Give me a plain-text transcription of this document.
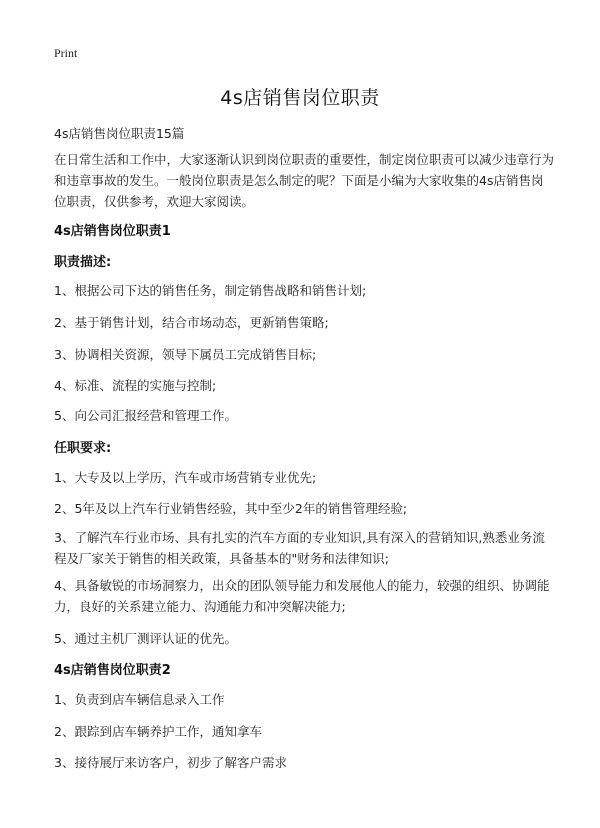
Print
4s店销售岗位职责
4s店销售岗位职责15篇
在日常生活和工作中，大家逐渐认识到岗位职责的重要性，制定岗位职责可以减少违章行为和违章事故的发生。一般岗位职责是怎么制定的呢？下面是小编为大家收集的4s店销售岗位职责，仅供参考，欢迎大家阅读。
4s店销售岗位职责1
职责描述:
1、根据公司下达的销售任务，制定销售战略和销售计划;
2、基于销售计划，结合市场动态，更新销售策略;
3、协调相关资源，领导下属员工完成销售目标;
4、标准、流程的实施与控制;
5、向公司汇报经营和管理工作。
任职要求:
1、大专及以上学历，汽车或市场营销专业优先;
2、5年及以上汽车行业销售经验，其中至少2年的销售管理经验;
3、了解汽车行业市场、具有扎实的汽车方面的专业知识,具有深入的营销知识,熟悉业务流程及厂家关于销售的相关政策，具备基本的"财务和法律知识;
4、具备敏锐的市场洞察力，出众的团队领导能力和发展他人的能力，较强的组织、协调能力，良好的关系建立能力、沟通能力和冲突解决能力;
5、通过主机厂测评认证的优先。
4s店销售岗位职责2
1、负责到店车辆信息录入工作
2、跟踪到店车辆养护工作，通知拿车
3、接待展厅来访客户，初步了解客户需求
